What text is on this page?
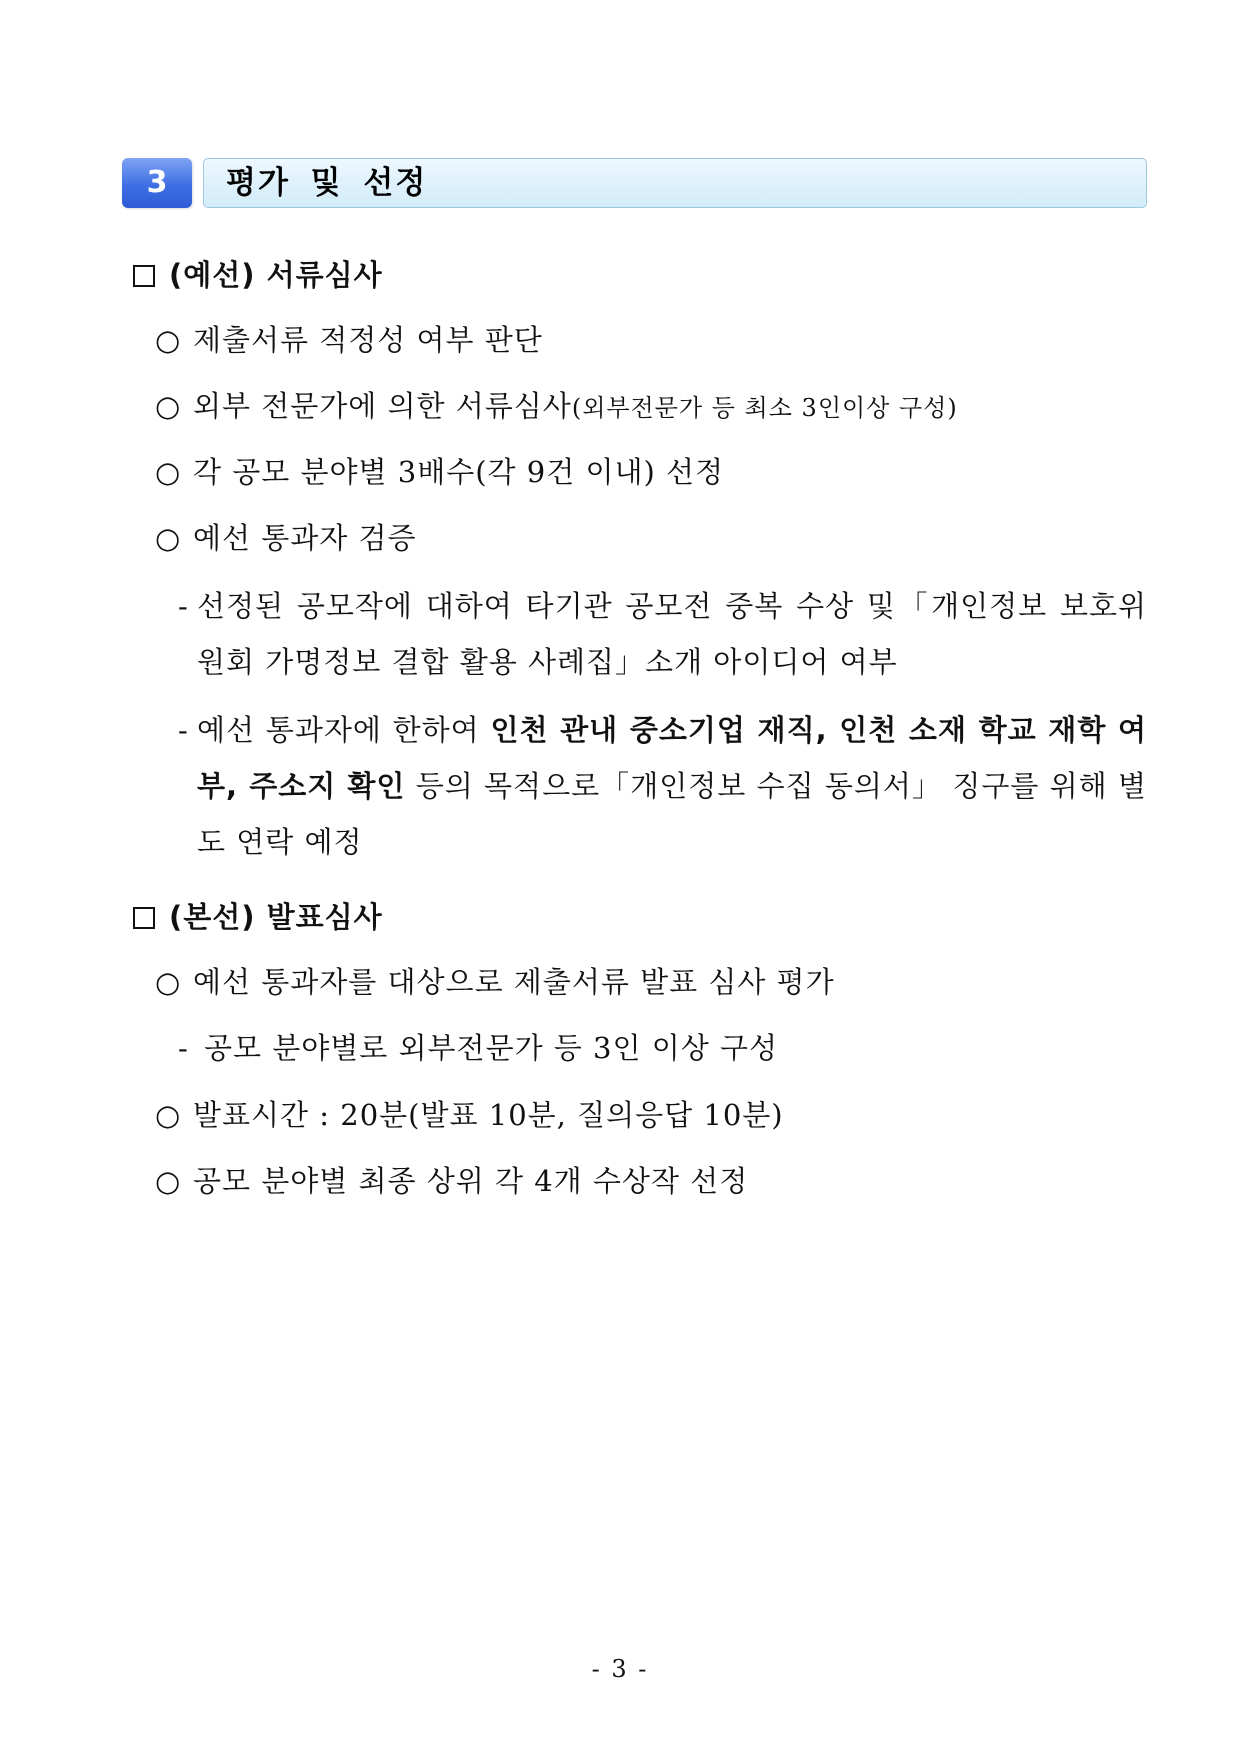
3	평가 및 선정
(예선) 서류심사
○ 제출서류 적정성 여부 판단
○ 외부 전문가에 의한 서류심사(외부전문가 등 최소 3인이상 구성)
○ 각 공모 분야별 3배수(각 9건 이내) 선정
○ 예선 통과자 검증
- 선정된 공모작에 대하여 타기관 공모전 중복 수상 및「개인정보 보호위원회 가명정보 결합 활용 사례집」소개 아이디어 여부
- 예선 통과자에 한하여 인천 관내 중소기업 재직, 인천 소재 학교 재학 여부, 주소지 확인 등의 목적으로「개인정보 수집 동의서」 징구를 위해 별도 연락 예정
(본선) 발표심사
○ 예선 통과자를 대상으로 제출서류 발표 심사 평가
- 공모 분야별로 외부전문가 등 3인 이상 구성
○ 발표시간 : 20분(발표 10분, 질의응답 10분)
○ 공모 분야별 최종 상위 각 4개 수상작 선정
- 3 -
